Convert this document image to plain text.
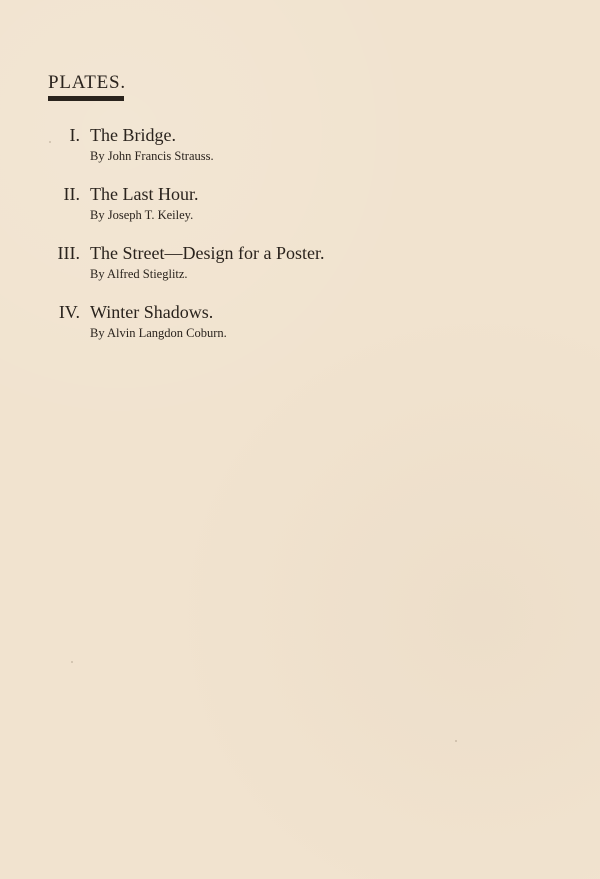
PLATES.
I. The Bridge.
By John Francis Strauss.
II. The Last Hour.
By Joseph T. Keiley.
III. The Street—Design for a Poster.
By Alfred Stieglitz.
IV. Winter Shadows.
By Alvin Langdon Coburn.
